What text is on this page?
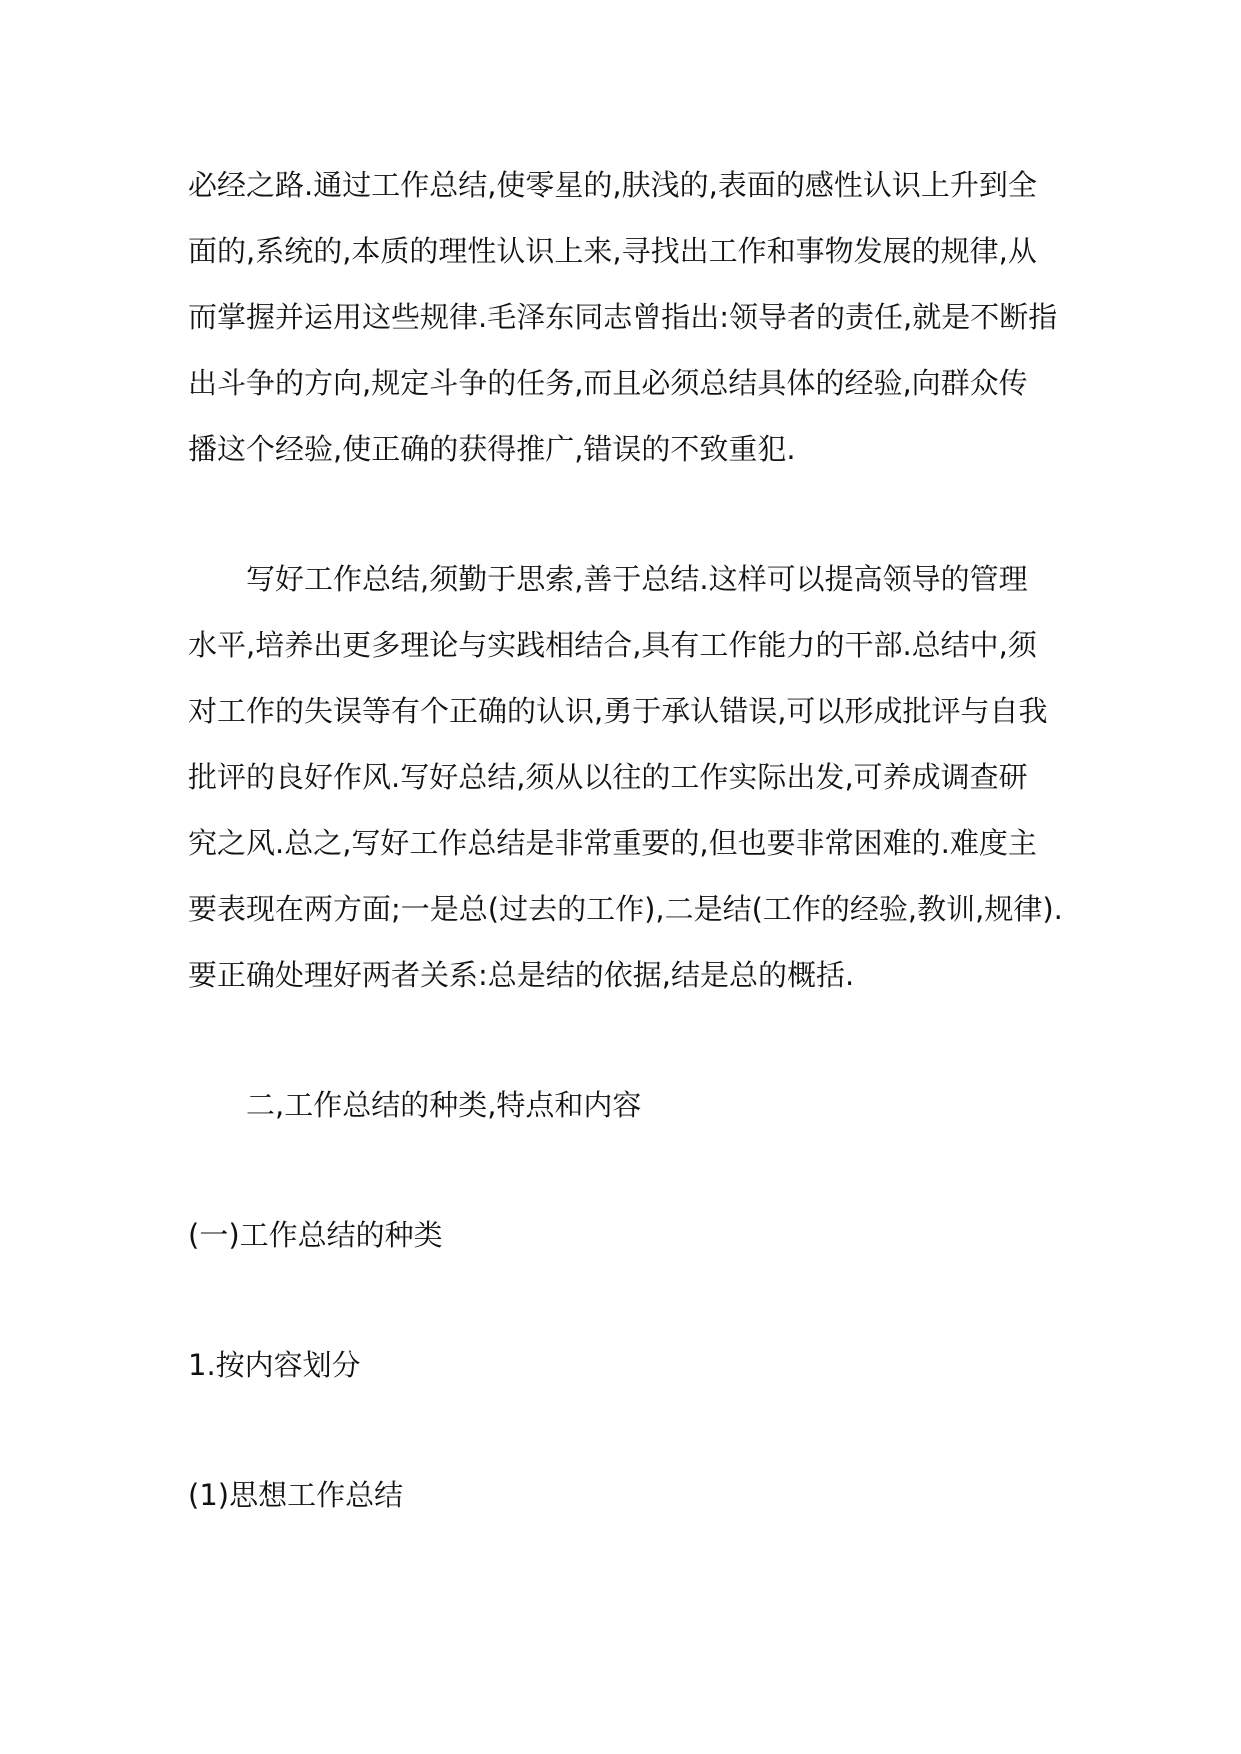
必经之路.通过工作总结,使零星的,肤浅的,表面的感性认识上升到全
面的,系统的,本质的理性认识上来,寻找出工作和事物发展的规律,从
而掌握并运用这些规律.毛泽东同志曾指出:领导者的责任,就是不断指
出斗争的方向,规定斗争的任务,而且必须总结具体的经验,向群众传
播这个经验,使正确的获得推广,错误的不致重犯.

写好工作总结,须勤于思索,善于总结.这样可以提高领导的管理
水平,培养出更多理论与实践相结合,具有工作能力的干部.总结中,须
对工作的失误等有个正确的认识,勇于承认错误,可以形成批评与自我
批评的良好作风.写好总结,须从以往的工作实际出发,可养成调查研
究之风.总之,写好工作总结是非常重要的,但也要非常困难的.难度主
要表现在两方面;一是总(过去的工作),二是结(工作的经验,教训,规律).
要正确处理好两者关系:总是结的依据,结是总的概括.

二,工作总结的种类,特点和内容

(一)工作总结的种类

1.按内容划分

(1)思想工作总结
